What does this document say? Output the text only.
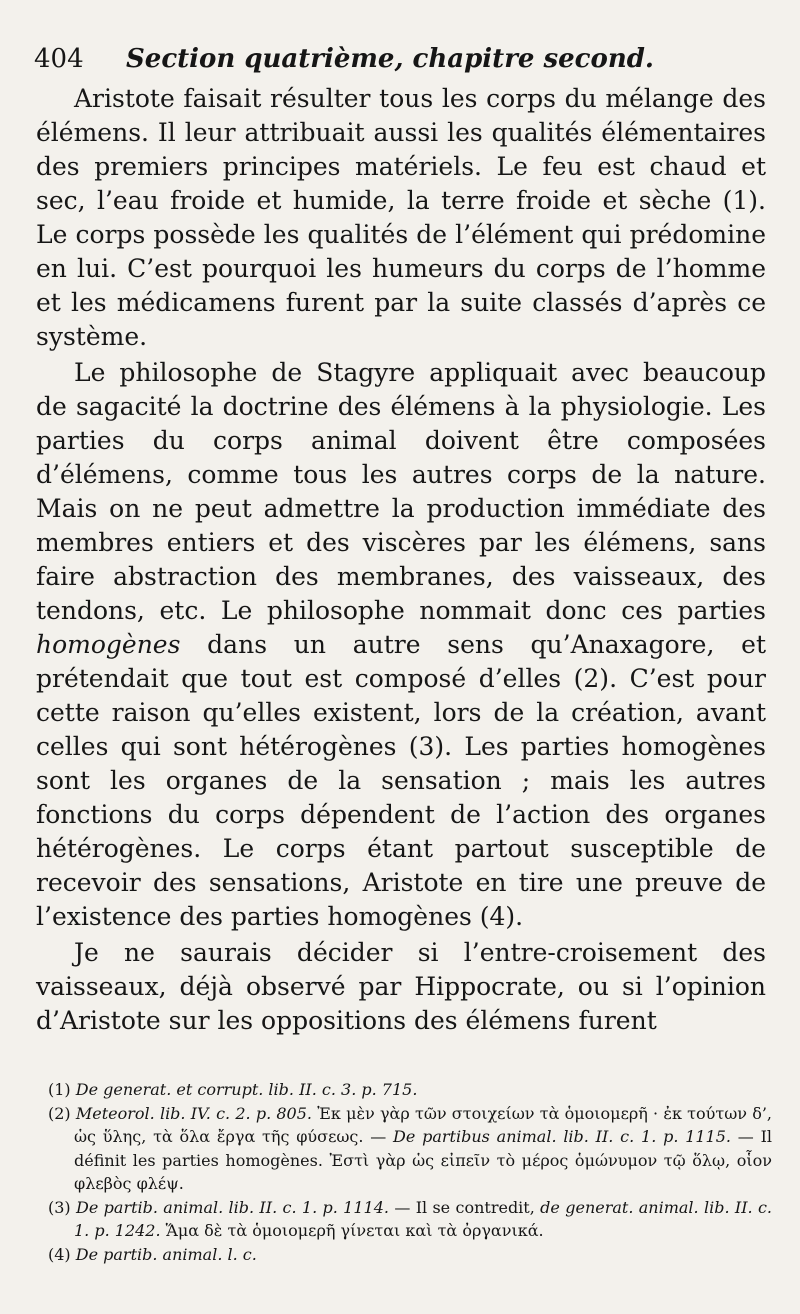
404 Section quatrième, chapitre second.

Aristote faisait résulter tous les corps du mélange des élémens. Il leur attribuait aussi les qualités élémentaires des premiers principes matériels. Le feu est chaud et sec, l’eau froide et humide, la terre froide et sèche (1). Le corps possède les qualités de l’élément qui prédomine en lui. C’est pourquoi les humeurs du corps de l’homme et les médicamens furent par la suite classés d’après ce système.

Le philosophe de Stagyre appliquait avec beaucoup de sagacité la doctrine des élémens à la physiologie. Les parties du corps animal doivent être composées d’élémens, comme tous les autres corps de la nature. Mais on ne peut admettre la production immédiate des membres entiers et des viscères par les élémens, sans faire abstraction des membranes, des vaisseaux, des tendons, etc. Le philosophe nommait donc ces parties homogènes dans un autre sens qu’Anaxagore, et prétendait que tout est composé d’elles (2). C’est pour cette raison qu’elles existent, lors de la création, avant celles qui sont hétérogènes (3). Les parties homogènes sont les organes de la sensation ; mais les autres fonctions du corps dépendent de l’action des organes hétérogènes. Le corps étant partout susceptible de recevoir des sensations, Aristote en tire une preuve de l’existence des parties homogènes (4).

Je ne saurais décider si l’entre-croisement des vaisseaux, déjà observé par Hippocrate, ou si l’opinion d’Aristote sur les oppositions des élémens furent

(1) De generat. et corrupt. lib. II. c. 3. p. 715.

(2) Meteorol. lib. IV. c. 2. p. 805. Ἐκ μὲν γὰρ τῶν στοιχείων τὰ ὁμοιομερῆ · ἐκ τούτων δ’, ὡς ὕλης, τὰ ὅλα ἔργα τῆς φύσεως. — De partibus animal. lib. II. c. 1. p. 1115. — Il définit les parties homogènes. Ἐστὶ γὰρ ὡς εἰπεῖν τὸ μέρος ὁμώνυμον τῷ ὅλῳ, οἷον φλεβὸς φλέψ.

(3) De partib. animal. lib. II. c. 1. p. 1114. — Il se contredit, de generat. animal. lib. II. c. 1. p. 1242. Ἅμα δὲ τὰ ὁμοιομερῆ γίνεται καὶ τὰ ὀργανικά.

(4) De partib. animal. l. c.
